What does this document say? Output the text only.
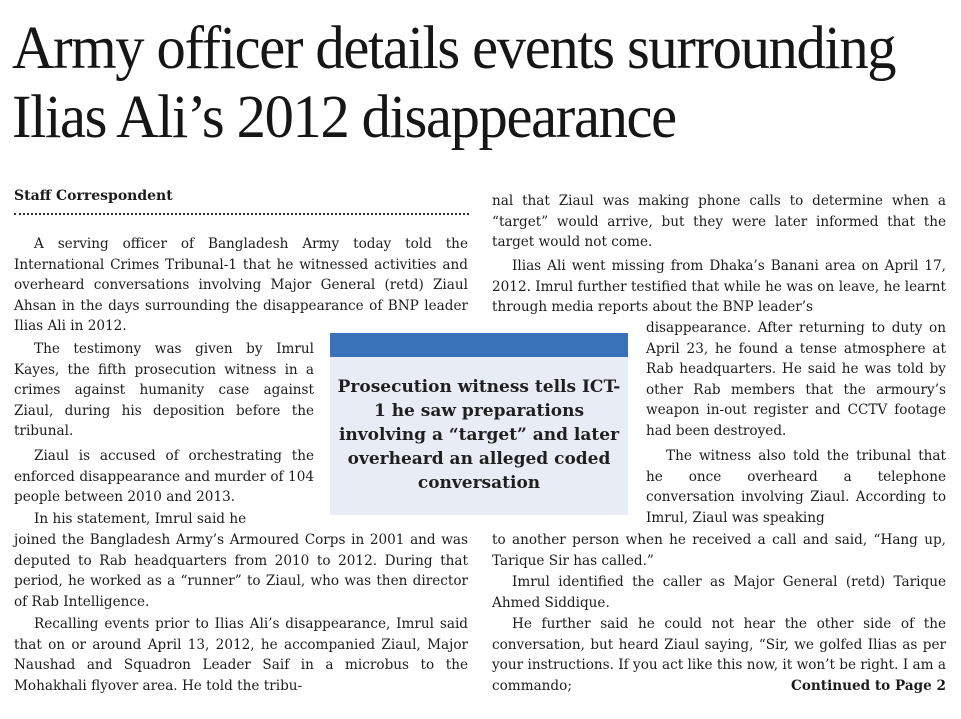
Army officer details events surrounding
Ilias Ali’s 2012 disappearance
Staff Correspondent

A serving officer of Bangladesh Army today told the International Crimes Tribunal-1 that he witnessed activities and overheard conversations involving Major General (retd) Ziaul Ahsan in the days surrounding the disappearance of BNP leader Ilias Ali in 2012.

The testimony was given by Imrul Kayes, the fifth prosecution witness in a crimes against humanity case against Ziaul, during his deposition before the tribunal.

Ziaul is accused of orchestrating the enforced disappearance and murder of 104 people between 2010 and 2013.

In his statement, Imrul said he

joined the Bangladesh Army’s Armoured Corps in 2001 and was deputed to Rab headquarters from 2010 to 2012. During that period, he worked as a “runner” to Ziaul, who was then director of Rab Intelligence.

Recalling events prior to Ilias Ali’s disappearance, Imrul said that on or around April 13, 2012, he accompanied Ziaul, Major Naushad and Squadron Leader Saif in a microbus to the Mohakhali flyover area. He told the tribu-

nal that Ziaul was making phone calls to determine when a “target” would arrive, but they were later informed that the target would not come.

Ilias Ali went missing from Dhaka’s Banani area on April 17, 2012. Imrul further testified that while he was on leave, he learnt through media reports about the BNP leader’s

disappearance. After returning to duty on April 23, he found a tense atmosphere at Rab headquarters. He said he was told by other Rab members that the armoury’s weapon in-out register and CCTV footage had been destroyed.

The witness also told the tribunal that he once overheard a telephone conversation involving Ziaul. According to Imrul, Ziaul was speaking

to another person when he received a call and said, “Hang up, Tarique Sir has called.”

Imrul identified the caller as Major General (retd) Tarique Ahmed Siddique.

He further said he could not hear the other side of the conversation, but heard Ziaul saying, “Sir, we golfed Ilias as per your instructions. If you act like this now, it won’t be right. I am a commando;	Continued to Page 2

Prosecution witness tells ICT-1 he saw preparations involving a “target” and later overheard an alleged coded conversation
